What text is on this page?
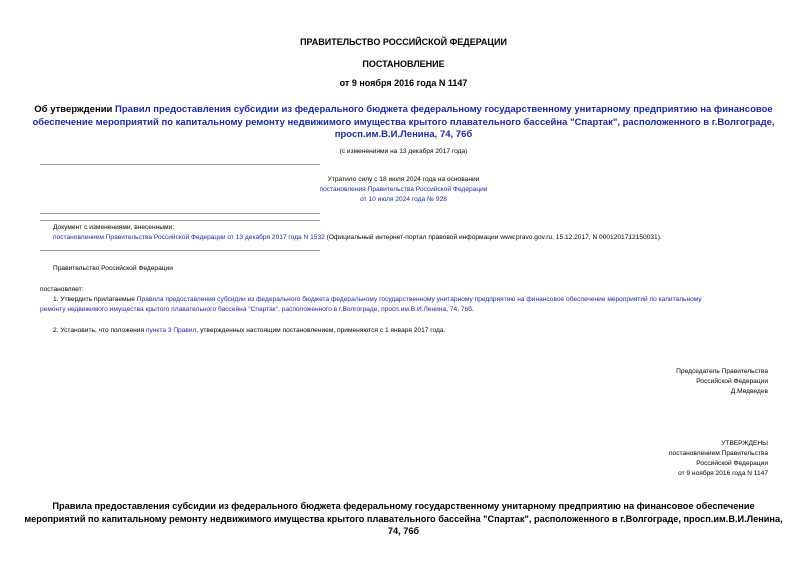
ПРАВИТЕЛЬСТВО РОССИЙСКОЙ ФЕДЕРАЦИИ
ПОСТАНОВЛЕНИЕ
от 9 ноября 2016 года N 1147
Об утверждении Правил предоставления субсидии из федерального бюджета федеральному государственному унитарному предприятию на финансовое
обеспечение мероприятий по капитальному ремонту недвижимого имущества крытого плавательного бассейна "Спартак", расположенного в г.Волгограде,
просп.им.В.И.Ленина, 74, 76б
(с изменениями на 13 декабря 2017 года)
Утратило силу с 18 июля 2024 года на основании
постановления Правительства Российской Федерации
от 10 июля 2024 года № 928
Документ с изменениями, внесенными:
постановлением Правительства Российской Федерации от 13 декабря 2017 года N 1532 (Официальный интернет-портал правовой информации www.pravo.gov.ru, 15.12.2017, N 0001201712150031).
Правительство Российской Федерации
постановляет:
1. Утвердить прилагаемые Правила предоставления субсидии из федерального бюджета федеральному государственному унитарному предприятию на финансовое обеспечение мероприятий по капитальному
ремонту недвижимого имущества крытого плавательного бассейна "Спартак", расположенного в г.Волгограде, просп.им.В.И.Ленина, 74, 76б.
2. Установить, что положения пункта 3 Правил, утвержденных настоящим постановлением, применяются с 1 января 2017 года.
Председатель Правительства
Российской Федерации
Д.Медведев
УТВЕРЖДЕНЫ
постановлением Правительства
Российской Федерации
от 9 ноября 2016 года N 1147
Правила предоставления субсидии из федерального бюджета федеральному государственному унитарному предприятию на финансовое обеспечение
мероприятий по капитальному ремонту недвижимого имущества крытого плавательного бассейна "Спартак", расположенного в г.Волгограде, просп.им.В.И.Ленина,
74, 76б
